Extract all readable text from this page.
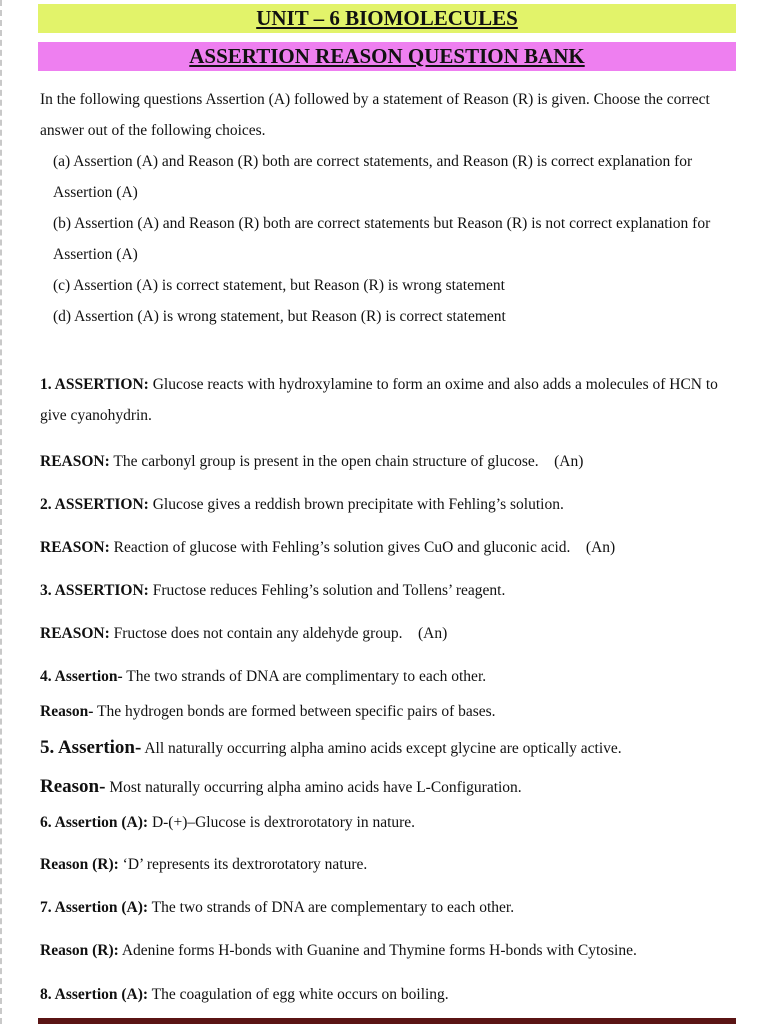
UNIT – 6 BIOMOLECULES
ASSERTION REASON QUESTION BANK

In the following questions Assertion (A) followed by a statement of Reason (R) is given. Choose the correct answer out of the following choices.

(a) Assertion (A) and Reason (R) both are correct statements, and Reason (R) is correct explanation for Assertion (A)

(b) Assertion (A) and Reason (R) both are correct statements but Reason (R) is not correct explanation for Assertion (A)

(c) Assertion (A) is correct statement, but Reason (R) is wrong statement

(d) Assertion (A) is wrong statement, but Reason (R) is correct statement

1. ASSERTION: Glucose reacts with hydroxylamine to form an oxime and also adds a molecules of HCN to give cyanohydrin.

REASON: The carbonyl group is present in the open chain structure of glucose. (An)

2. ASSERTION: Glucose gives a reddish brown precipitate with Fehling’s solution.

REASON: Reaction of glucose with Fehling’s solution gives CuO and gluconic acid. (An)

3. ASSERTION: Fructose reduces Fehling’s solution and Tollens’ reagent.

REASON: Fructose does not contain any aldehyde group. (An)

4. Assertion- The two strands of DNA are complimentary to each other.

Reason- The hydrogen bonds are formed between specific pairs of bases.

5. Assertion- All naturally occurring alpha amino acids except glycine are optically active.

Reason- Most naturally occurring alpha amino acids have L-Configuration.

6. Assertion (A): D-(+)–Glucose is dextrorotatory in nature.

Reason (R): ‘D’ represents its dextrorotatory nature.

7. Assertion (A): The two strands of DNA are complementary to each other.

Reason (R): Adenine forms H-bonds with Guanine and Thymine forms H-bonds with Cytosine.

8. Assertion (A): The coagulation of egg white occurs on boiling.
